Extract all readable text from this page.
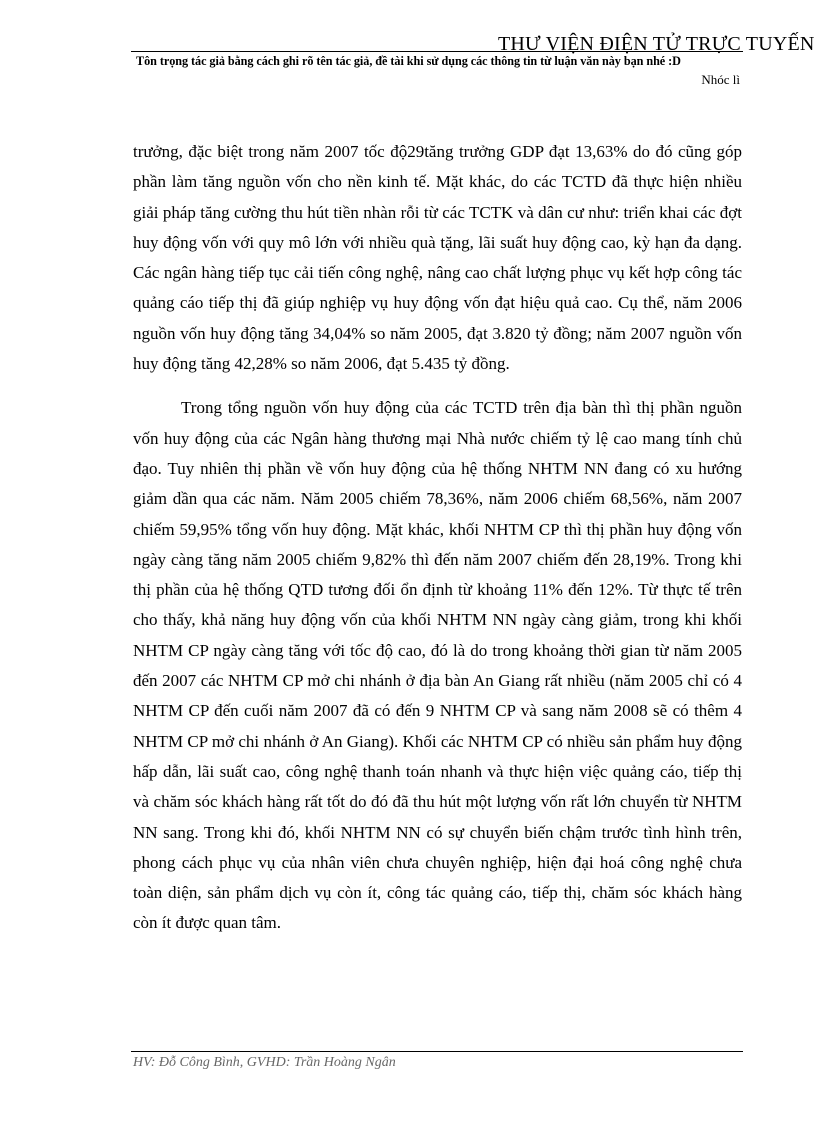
THƯ VIỆN ĐIỆN TỬ TRỰC TUYẾN
Tôn trọng tác giả bằng cách ghi rõ tên tác giả, đề tài khi sử dụng các thông tin từ luận văn này bạn nhé :D
Nhóc lì

trưởng, đặc biệt trong năm 2007 tốc độ29tăng trưởng GDP đạt 13,63% do đó cũng góp phần làm tăng nguồn vốn cho nền kinh tế. Mặt khác, do các TCTD đã thực hiện nhiều giải pháp tăng cường thu hút tiền nhàn rỗi từ các TCTK và dân cư như: triển khai các đợt huy động vốn với quy mô lớn với nhiều quà tặng, lãi suất huy động cao, kỳ hạn đa dạng. Các ngân hàng tiếp tục cải tiến công nghệ, nâng cao chất lượng phục vụ kết hợp công tác quảng cáo tiếp thị đã giúp nghiệp vụ huy động vốn đạt hiệu quả cao. Cụ thể, năm 2006 nguồn vốn huy động tăng 34,04% so năm 2005, đạt 3.820 tỷ đồng; năm 2007 nguồn vốn huy động tăng 42,28% so năm 2006, đạt 5.435 tỷ đồng.

Trong tổng nguồn vốn huy động của các TCTD trên địa bàn thì thị phần nguồn vốn huy động của các Ngân hàng thương mại Nhà nước chiếm tỷ lệ cao mang tính chủ đạo. Tuy nhiên thị phần về vốn huy động của hệ thống NHTM NN đang có xu hướng giảm dần qua các năm. Năm 2005 chiếm 78,36%, năm 2006 chiếm 68,56%, năm 2007 chiếm 59,95% tổng vốn huy động. Mặt khác, khối NHTM CP thì thị phần huy động vốn ngày càng tăng năm 2005 chiếm 9,82% thì đến năm 2007 chiếm đến 28,19%. Trong khi thị phần của hệ thống QTD tương đối ổn định từ khoảng 11% đến 12%. Từ thực tế trên cho thấy, khả năng huy động vốn của khối NHTM NN ngày càng giảm, trong khi khối NHTM CP ngày càng tăng với tốc độ cao, đó là do trong khoảng thời gian từ năm 2005 đến 2007 các NHTM CP mở chi nhánh ở địa bàn An Giang rất nhiều (năm 2005 chỉ có 4 NHTM CP đến cuối năm 2007 đã có đến 9 NHTM CP và sang năm 2008 sẽ có thêm 4 NHTM CP mở chi nhánh ở An Giang). Khối các NHTM CP có nhiều sản phẩm huy động hấp dẫn, lãi suất cao, công nghệ thanh toán nhanh và thực hiện việc quảng cáo, tiếp thị và chăm sóc khách hàng rất tốt do đó đã thu hút một lượng vốn rất lớn chuyển từ NHTM NN sang. Trong khi đó, khối NHTM NN có sự chuyển biến chậm trước tình hình trên, phong cách phục vụ của nhân viên chưa chuyên nghiệp, hiện đại hoá công nghệ chưa toàn diện, sản phẩm dịch vụ còn ít, công tác quảng cáo, tiếp thị, chăm sóc khách hàng còn ít được quan tâm.

HV: Đỗ Công Bình, GVHD: Trần Hoàng Ngân
